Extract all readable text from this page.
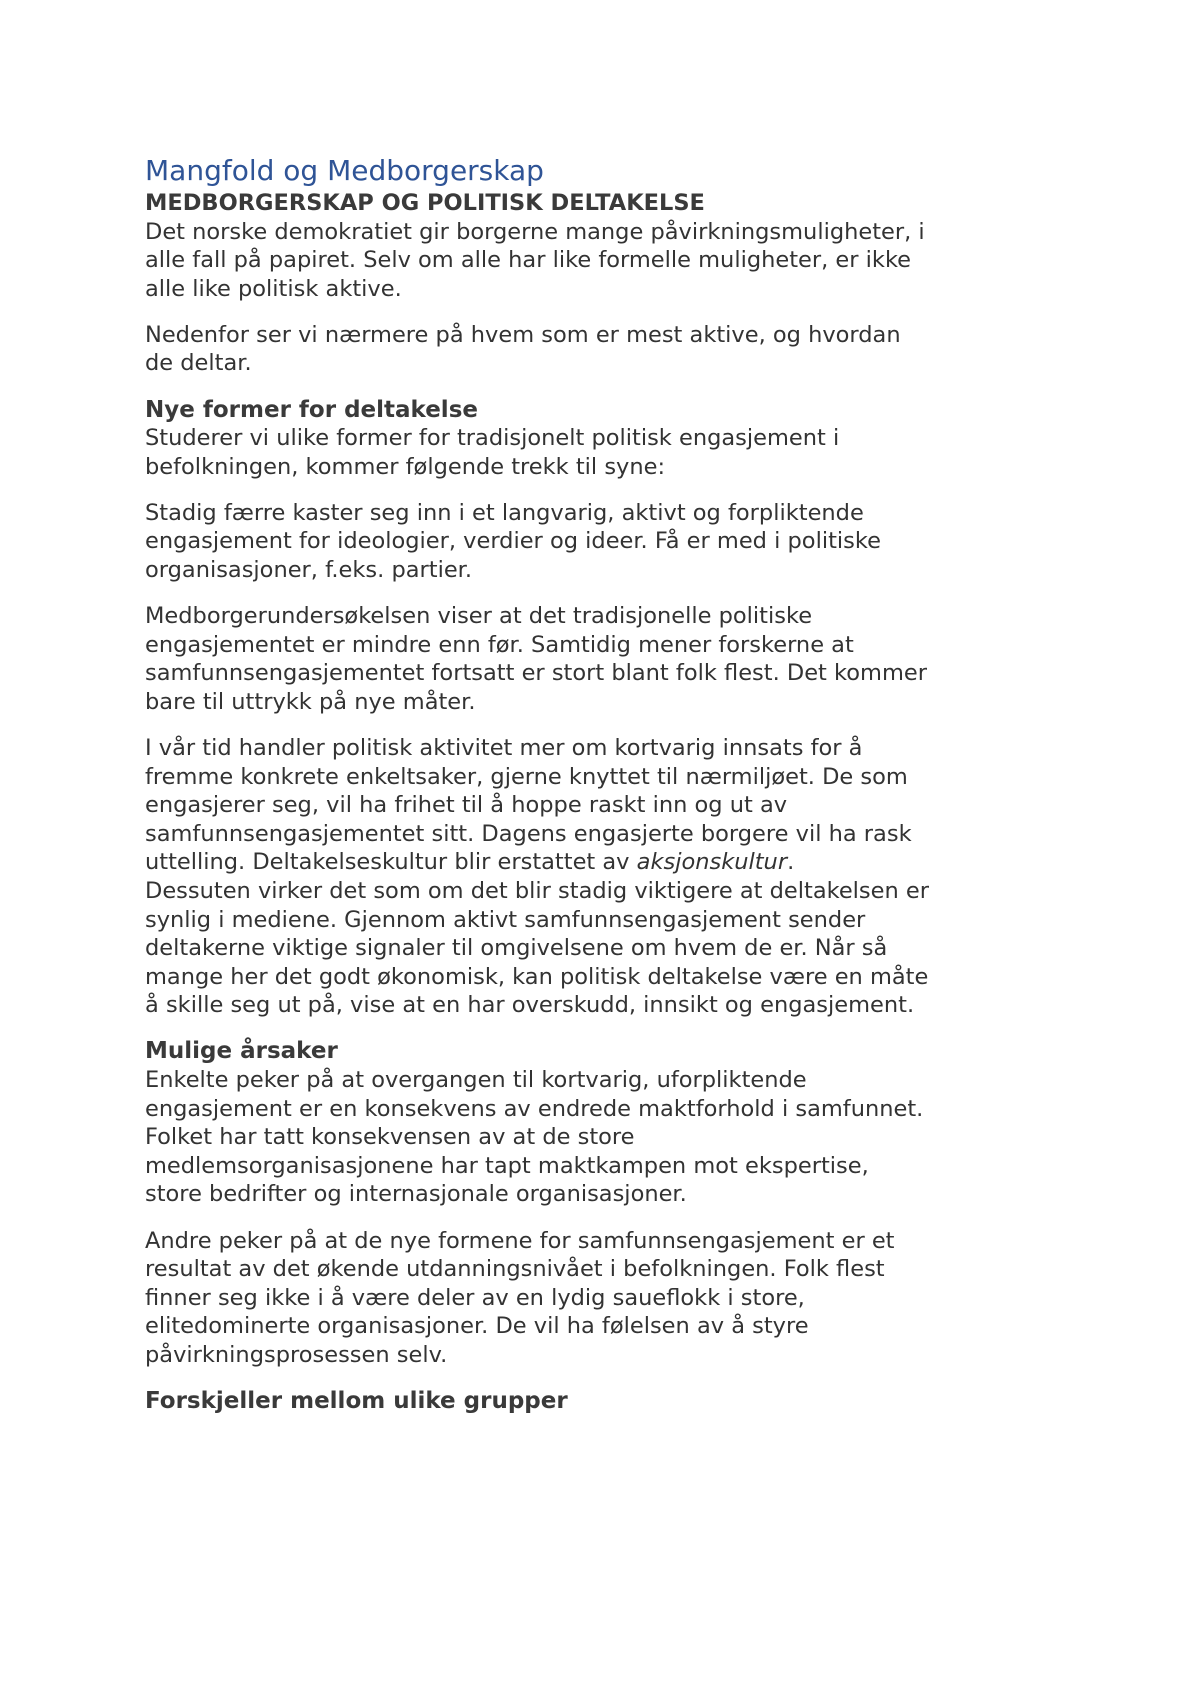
Mangfold og Medborgerskap
MEDBORGERSKAP OG POLITISK DELTAKELSE
Det norske demokratiet gir borgerne mange påvirkningsmuligheter, i
alle fall på papiret. Selv om alle har like formelle muligheter, er ikke
alle like politisk aktive.
Nedenfor ser vi nærmere på hvem som er mest aktive, og hvordan
de deltar.
Nye former for deltakelse
Studerer vi ulike former for tradisjonelt politisk engasjement i
befolkningen, kommer følgende trekk til syne:
Stadig færre kaster seg inn i et langvarig, aktivt og forpliktende
engasjement for ideologier, verdier og ideer. Få er med i politiske
organisasjoner, f.eks. partier.
Medborgerundersøkelsen viser at det tradisjonelle politiske
engasjementet er mindre enn før. Samtidig mener forskerne at
samfunnsengasjementet fortsatt er stort blant folk flest. Det kommer
bare til uttrykk på nye måter.
I vår tid handler politisk aktivitet mer om kortvarig innsats for å
fremme konkrete enkeltsaker, gjerne knyttet til nærmiljøet. De som
engasjerer seg, vil ha frihet til å hoppe raskt inn og ut av
samfunnsengasjementet sitt. Dagens engasjerte borgere vil ha rask
uttelling. Deltakelseskultur blir erstattet av aksjonskultur.
Dessuten virker det som om det blir stadig viktigere at deltakelsen er
synlig i mediene. Gjennom aktivt samfunnsengasjement sender
deltakerne viktige signaler til omgivelsene om hvem de er. Når så
mange her det godt økonomisk, kan politisk deltakelse være en måte
å skille seg ut på, vise at en har overskudd, innsikt og engasjement.
Mulige årsaker
Enkelte peker på at overgangen til kortvarig, uforpliktende
engasjement er en konsekvens av endrede maktforhold i samfunnet.
Folket har tatt konsekvensen av at de store
medlemsorganisasjonene har tapt maktkampen mot ekspertise,
store bedrifter og internasjonale organisasjoner.
Andre peker på at de nye formene for samfunnsengasjement er et
resultat av det økende utdanningsnivået i befolkningen. Folk flest
finner seg ikke i å være deler av en lydig saueflokk i store,
elitedominerte organisasjoner. De vil ha følelsen av å styre
påvirkningsprosessen selv.
Forskjeller mellom ulike grupper
